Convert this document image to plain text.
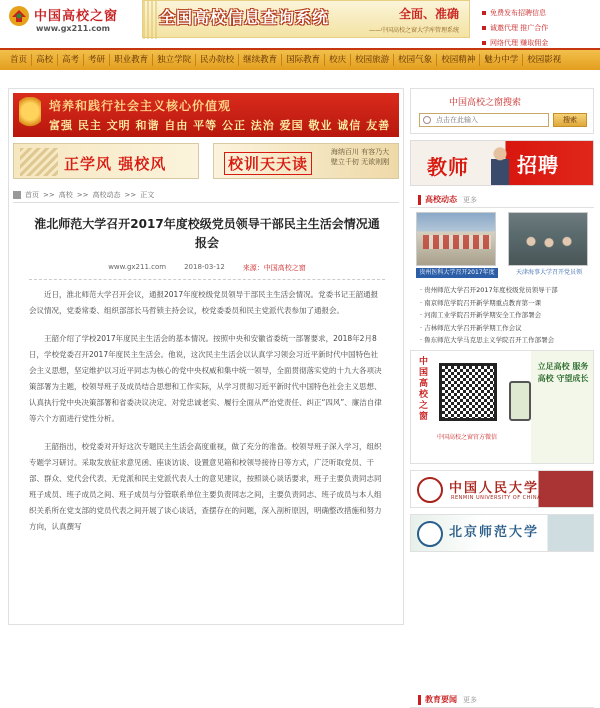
中国高校之窗
www.gx211.com
全国高校信息查询系统	全面、准确
——中国高校之窗大学库管理系统
免费发布招聘信息
诚邀代理 推广合作
网络代理 赚取佣金
首页	高校	高考	考研	职业教育	独立学院	民办院校	继续教育	国际教育	校庆	校园旅游	校园气象	校园精神	魅力中学	校园影视
培养和践行社会主义核心价值观
富强 民主 文明 和谐 自由 平等 公正 法治 爱国 敬业 诚信 友善
正学风 强校风	校训天天读
海纳百川 有容乃大 壁立千仞 无欲则刚
首页 >> 高校 >> 高校动态 >> 正文
淮北师范大学召开2017年度校级党员领导干部民主生活会情况通报会
www.gx211.com	2018-03-12	来源：中国高校之窗

近日，淮北师范大学召开会议，通报2017年度校级党员领导干部民主生活会情况。党委书记王韶通报会议情况，党委常委、组织部部长马哲锁主持会议，校党委委员和民主党派代表参加了通报会。

王韶介绍了学校2017年度民主生活会的基本情况。按照中央和安徽省委统一部署要求，2018年2月8日，学校党委召开2017年度民主生活会。他说，这次民主生活会以认真学习领会习近平新时代中国特色社会主义思想，坚定维护以习近平同志为核心的党中央权威和集中统一领导，全面贯彻落实党的十九大各项决策部署为主题，校领导班子及成员结合思想和工作实际，从学习贯彻习近平新时代中国特色社会主义思想、认真执行党中央决策部署和省委决议决定、对党忠诚老实、履行全面从严治党责任、纠正“四风”、廉洁自律等六个方面进行党性分析。

王韶指出，校党委对开好这次专题民主生活会高度重视，做了充分的准备。校领导班子深入学习，组织专题学习研讨。采取发放征求意见函、座谈访谈、设置意见箱和校领导接待日等方式，广泛听取党员、干部、群众、党代会代表、无党派和民主党派代表人士的意见建议，按照谈心谈话要求，班子主要负责同志同班子成员、班子成员之间、班子成员与分管联系单位主要负责同志之间，主要负责同志、班子成员与本人组织关系所在党支部的党员代表之间开展了谈心谈话，查摆存在的问题，深入剖析原因，明确整改措施和努力方向，认真撰写

中国高校之窗搜索
点击在此输入
搜索
教师 招聘
高校动态 更多
贵州医科大学召开2017年度	天津海事大学召开党员领
· 贵州师范大学召开2017年度校级党员领导干部
· 南京师范学院召开新学期重点教育第一课
· 河南工业学院召开新学期安全工作部署会
· 吉林师范大学召开新学期工作会议
· 鲁东师范大学马克思主义学院召开工作部署会
中国高校之窗
中国高校之窗官方微信
立足高校 服务高校 守望成长
中国人民大学
RENMIN UNIVERSITY OF CHINA
北京师范大学
教育要闻 更多
